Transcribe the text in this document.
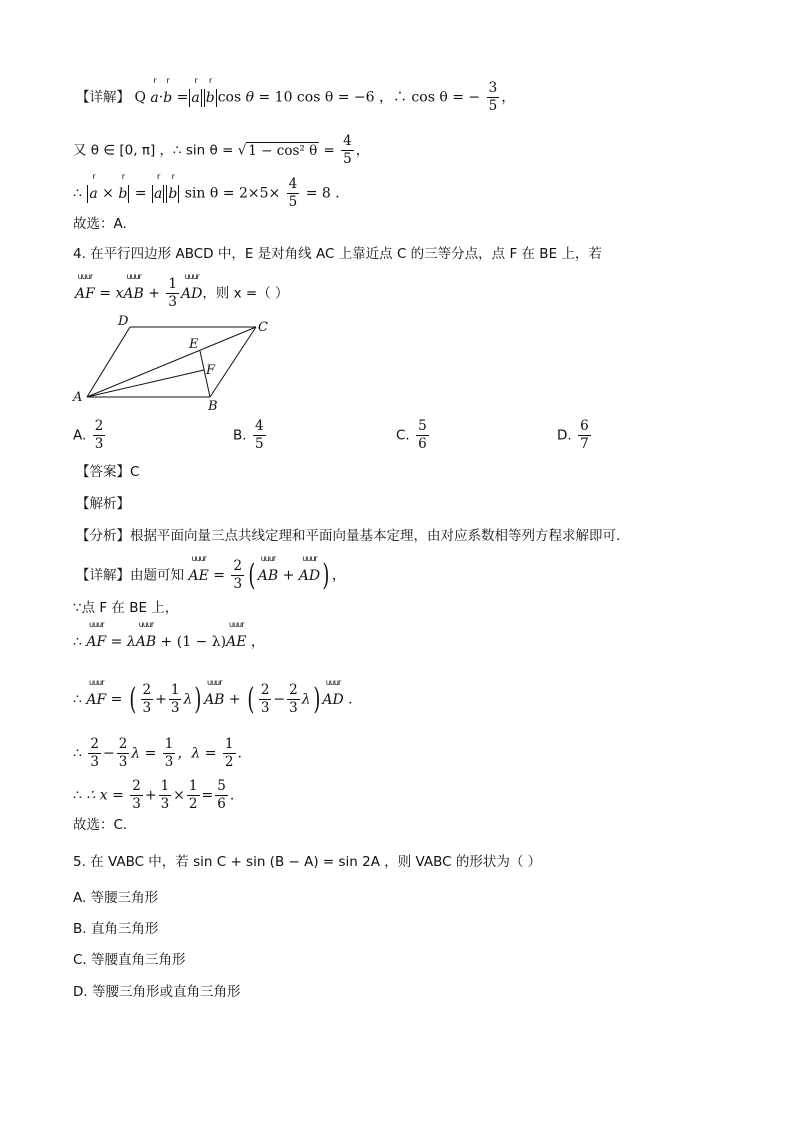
【详解】 Q
r
a·
r
b =
r
a
r
b cos θ = 10 cos θ = −6 ，∴ cos θ = − $\frac{3}{5}$ ，
又 θ ∈ [0, π] ，∴ sin θ = √ 1 − cos² $\theta = \frac{4}{5}$ ，
∴
r
a ×
r
b =
r
a
r
b $\sin \theta = 2\times 5\times \frac{4}{5} = 8$ .
故选：A.
4. 在平行四边形 ABCD 中，E 是对角线 AC 上靠近点 C 的三等分点，点 F 在 BE 上，若
uuur
AF = x
uuur
AB + $\frac{1}{3}$ uuur
AD，则 x =（ ）
D	C
E
F
A
B
A. $\frac{2}{3}$	B. $\frac{4}{5}$	C. $\frac{5}{6}$	D. $\frac{6}{7}$
【答案】C
【解析】
【分析】根据平面向量三点共线定理和平面向量基本定理，由对应系数相等列方程求解即可.
【详解】由题可知
uuur
AE = $\frac{2}{3}$ ( uuur
AB +
uuur
AD) ，
∵点 F 在 BE 上，
∴
uuur
AF = λ
uuur
AB + (1 − λ)
uuur
AE ，
∴
uuur
AF = ( $\frac{2}{3} + \frac{1}{3} \lambda$) uuur
AB + ( $\frac{2}{3} - \frac{2}{3} \lambda$) uuur
AD .
∴ $\frac{2}{3} - \frac{2}{3}$ $\lambda = \frac{1}{3}$ ，$\lambda = \frac{1}{2}$ .
∴ ∴ $x = \frac{2}{3} + \frac{1}{3} \times \frac{1}{2} = \frac{5}{6}$ .
故选：C.
5. 在 VABC 中，若 sin C + sin (B − A) = sin 2A ，则 VABC 的形状为（ ）
A. 等腰三角形
B. 直角三角形
C. 等腰直角三角形
D. 等腰三角形或直角三角形
